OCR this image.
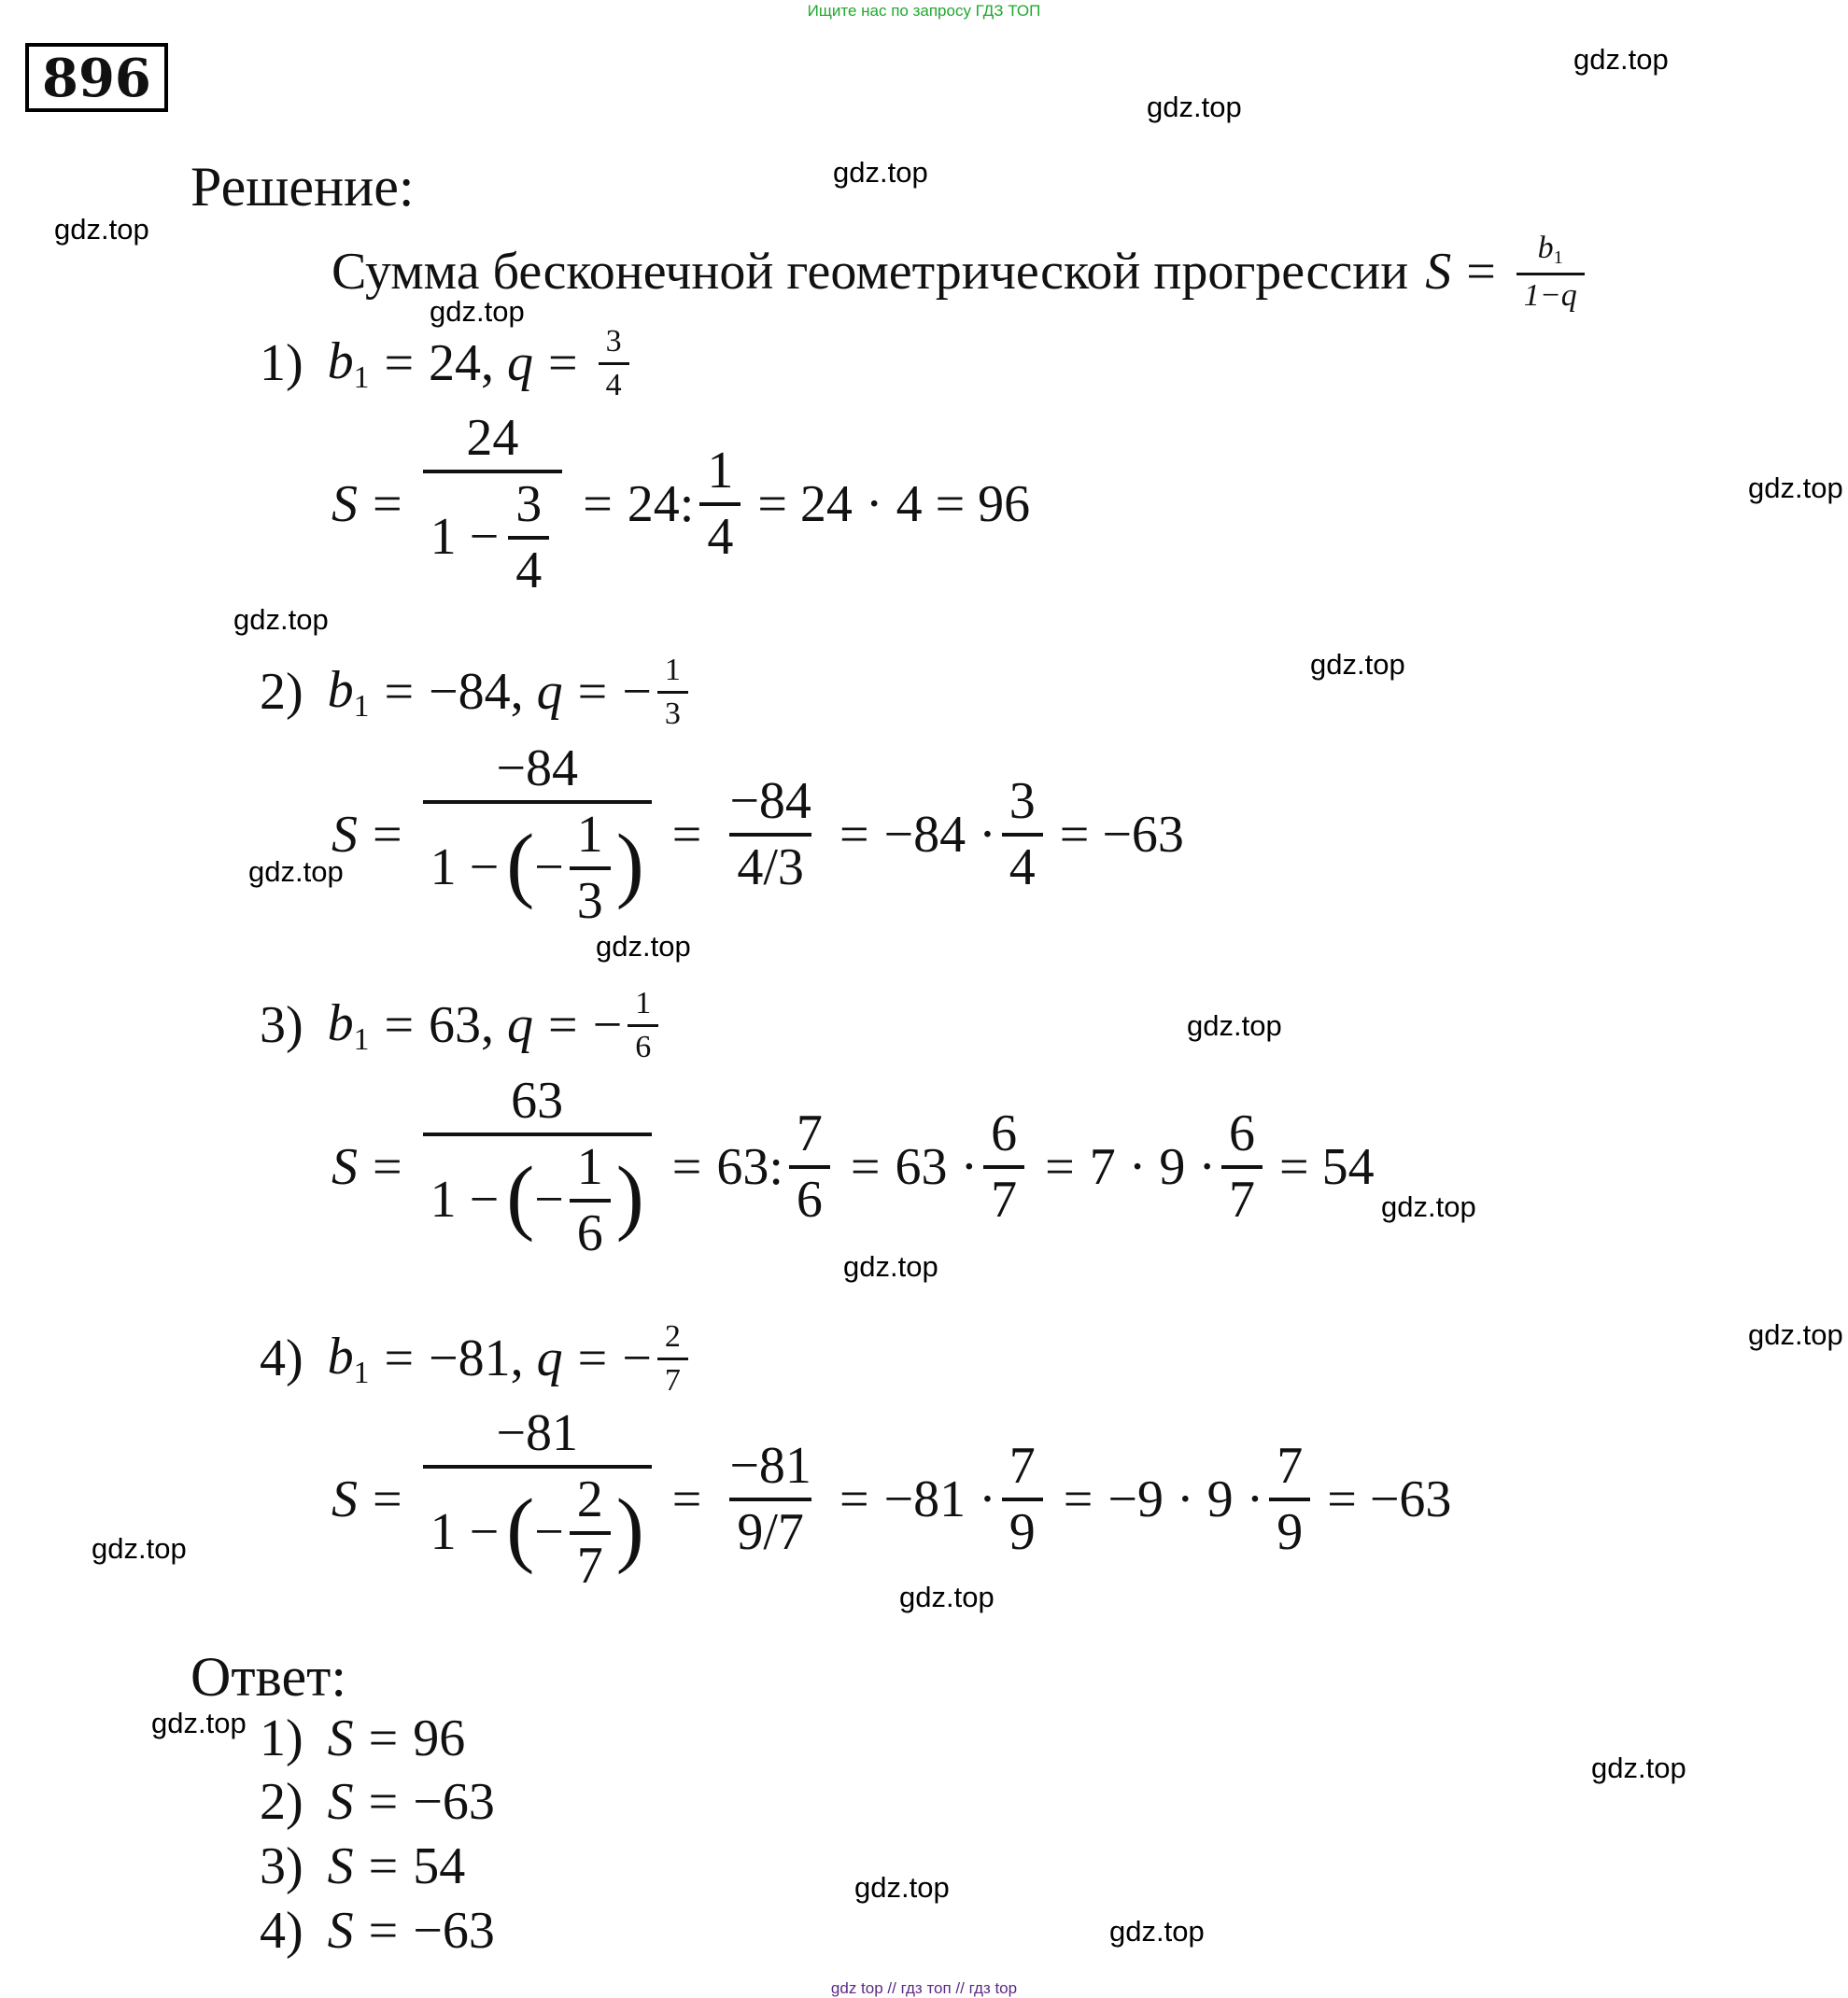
Ищите нас по запросу ГДЗ ТОП
896	gdz.top
gdz.top
gdz.top
gdz.top
gdz.top
gdz.top
gdz.top
gdz.top
gdz.top
gdz.top
gdz.top
gdz.top
gdz.top
gdz.top
gdz.top
gdz.top
gdz.top
gdz.top
gdz.top
gdz.top
Решение:
Сумма бесконечной геометрической прогрессии $S = \frac{b_1}{1-q}$
1) $b_1 = 24$ , $q = \frac{3}{4}$
$S = \frac{24}{1 - \frac{3}{4}} = 24$: $\frac{1}{4} = 24 \cdot 4 = 96$
2) $b_1 = -84$ , q = − $\frac{1}{3}$
$S = \frac{-84}{1 - ( - \frac{1}{3} )} = \frac{-84}{4/3} = -84 \cdot \frac{3}{4} = -63$
3) $b_1 = 63$ , q = − $\frac{1}{6}$
$S = \frac{63}{1 - ( - \frac{1}{6} )} = 63$: $\frac{7}{6} = 63 \cdot \frac{6}{7} = 7 \cdot 9 \cdot \frac{6}{7} = 54$
4) $b_1 = -81$ , q = − $\frac{2}{7}$
$S = \frac{-81}{1 - ( - \frac{2}{7} )} = \frac{-81}{9/7} = -81 \cdot \frac{7}{9} = -9 \cdot 9 \cdot \frac{7}{9} = -63$
Ответ:
1) S = 96
2) S = −63
3) S = 54
4) S = −63
gdz top // гдз топ // гдз top
